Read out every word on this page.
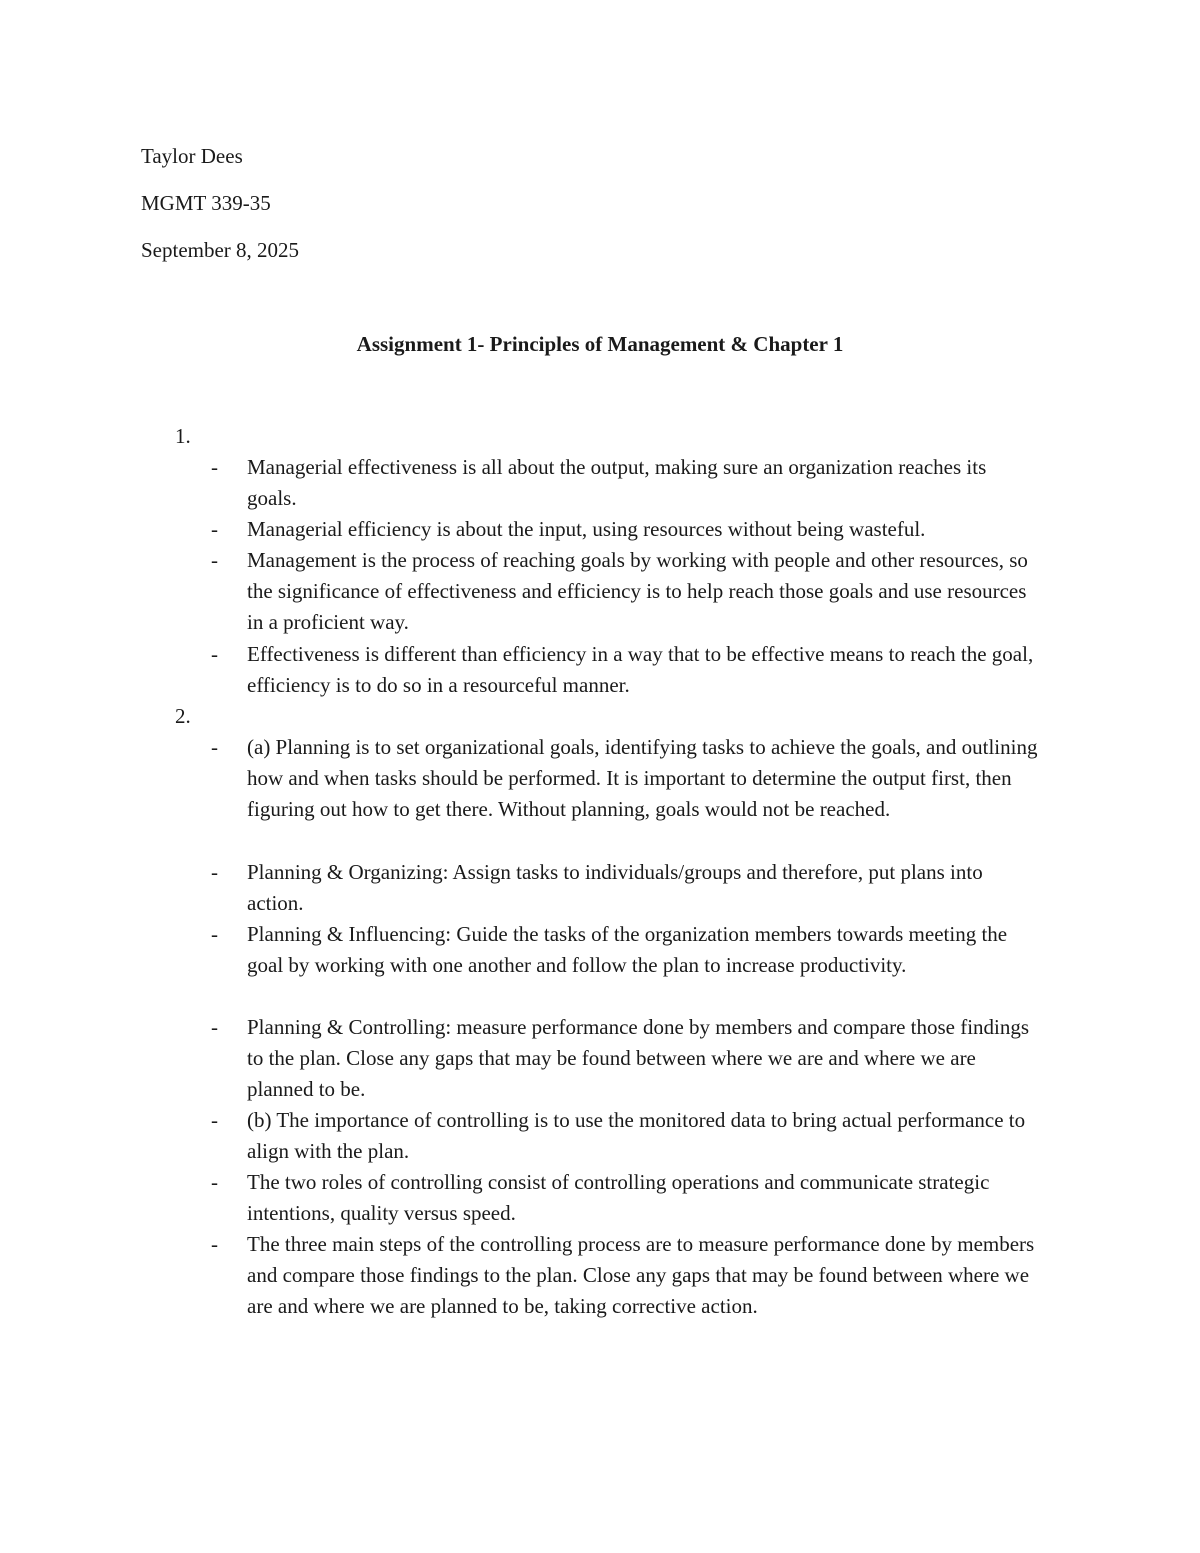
Taylor Dees
MGMT 339-35
September 8, 2025
Assignment 1- Principles of Management & Chapter 1
1.
- Managerial effectiveness is all about the output, making sure an organization reaches its goals.
- Managerial efficiency is about the input, using resources without being wasteful.
- Management is the process of reaching goals by working with people and other resources, so the significance of effectiveness and efficiency is to help reach those goals and use resources in a proficient way.
- Effectiveness is different than efficiency in a way that to be effective means to reach the goal, efficiency is to do so in a resourceful manner.
2.
- (a) Planning is to set organizational goals, identifying tasks to achieve the goals, and outlining how and when tasks should be performed. It is important to determine the output first, then figuring out how to get there. Without planning, goals would not be reached.
- Planning & Organizing: Assign tasks to individuals/groups and therefore, put plans into action.
- Planning & Influencing: Guide the tasks of the organization members towards meeting the goal by working with one another and follow the plan to increase productivity.
- Planning & Controlling: measure performance done by members and compare those findings to the plan. Close any gaps that may be found between where we are and where we are planned to be.
- (b) The importance of controlling is to use the monitored data to bring actual performance to align with the plan.
- The two roles of controlling consist of controlling operations and communicate strategic intentions, quality versus speed.
- The three main steps of the controlling process are to measure performance done by members and compare those findings to the plan. Close any gaps that may be found between where we are and where we are planned to be, taking corrective action.
